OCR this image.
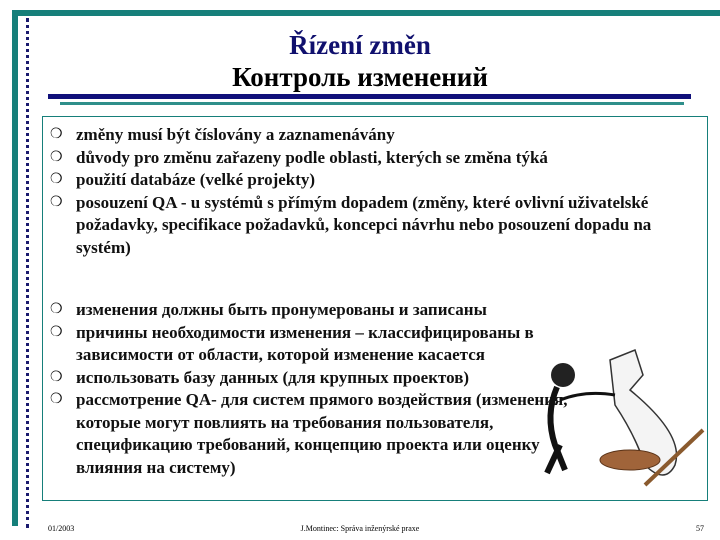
Řízení změn
Контроль изменений
❍ změny musí být číslovány a zaznamenávány
❍ důvody pro změnu zařazeny podle oblasti, kterých se změna týká
❍ použití databáze (velké projekty)
❍ posouzení QA - u systémů s přímým dopadem (změny, které ovlivní uživatelské požadavky, specifikace požadavků, koncepci návrhu nebo posouzení dopadu na systém)
❍ изменения должны быть пронумерованы и записаны
❍ причины необходимости изменения – классифицированы в зависимости от области, которой изменение касается
❍ использовать базу данных (для крупных проектов)
❍ рассмотрение QA- для систем прямого воздействия (изменения, которые могут повлиять на требования пользователя, спецификацию требований, концепцию проекта или оценку влияния на систему)
01/2003	J.Montinec: Správa inženýrské praxe	57
